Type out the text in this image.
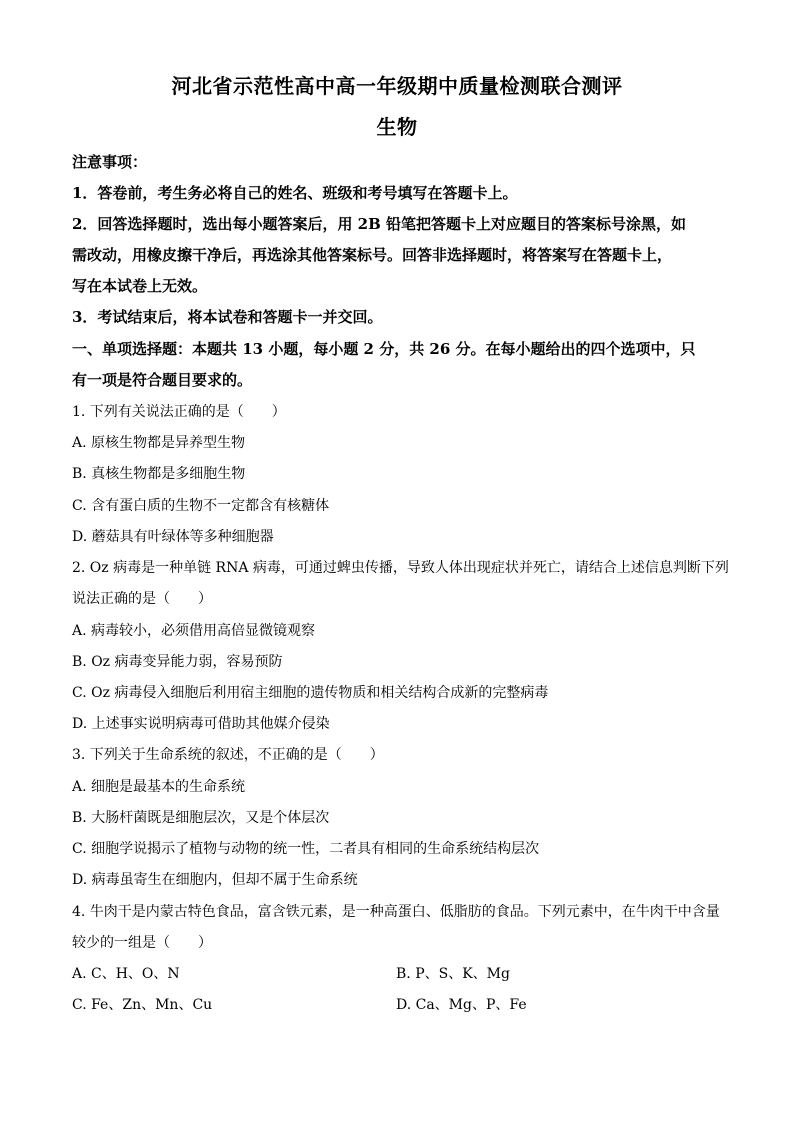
河北省示范性高中高一年级期中质量检测联合测评
生物
注意事项：
1．答卷前，考生务必将自己的姓名、班级和考号填写在答题卡上。
2．回答选择题时，选出每小题答案后，用 2B 铅笔把答题卡上对应题目的答案标号涂黑，如
需改动，用橡皮擦干净后，再选涂其他答案标号。回答非选择题时，将答案写在答题卡上，
写在本试卷上无效。
3．考试结束后，将本试卷和答题卡一并交回。
一、单项选择题：本题共 13 小题，每小题 2 分，共 26 分。在每小题给出的四个选项中，只
有一项是符合题目要求的。
1. 下列有关说法正确的是（　　）
A. 原核生物都是异养型生物
B. 真核生物都是多细胞生物
C. 含有蛋白质的生物不一定都含有核糖体
D. 蘑菇具有叶绿体等多种细胞器
2. Oz 病毒是一种单链 RNA 病毒，可通过蜱虫传播，导致人体出现症状并死亡，请结合上述信息判断下列
说法正确的是（　　）
A. 病毒较小，必须借用高倍显微镜观察
B. Oz 病毒变异能力弱，容易预防
C. Oz 病毒侵入细胞后利用宿主细胞的遗传物质和相关结构合成新的完整病毒
D. 上述事实说明病毒可借助其他媒介侵染
3. 下列关于生命系统的叙述，不正确的是（　　）
A. 细胞是最基本的生命系统
B. 大肠杆菌既是细胞层次，又是个体层次
C. 细胞学说揭示了植物与动物的统一性，二者具有相同的生命系统结构层次
D. 病毒虽寄生在细胞内，但却不属于生命系统
4. 牛肉干是内蒙古特色食品，富含铁元素，是一种高蛋白、低脂肪的食品。下列元素中，在牛肉干中含量
较少的一组是（　　）
A. C、H、O、N	B. P、S、K、Mg
C. Fe、Zn、Mn、Cu	D. Ca、Mg、P、Fe
